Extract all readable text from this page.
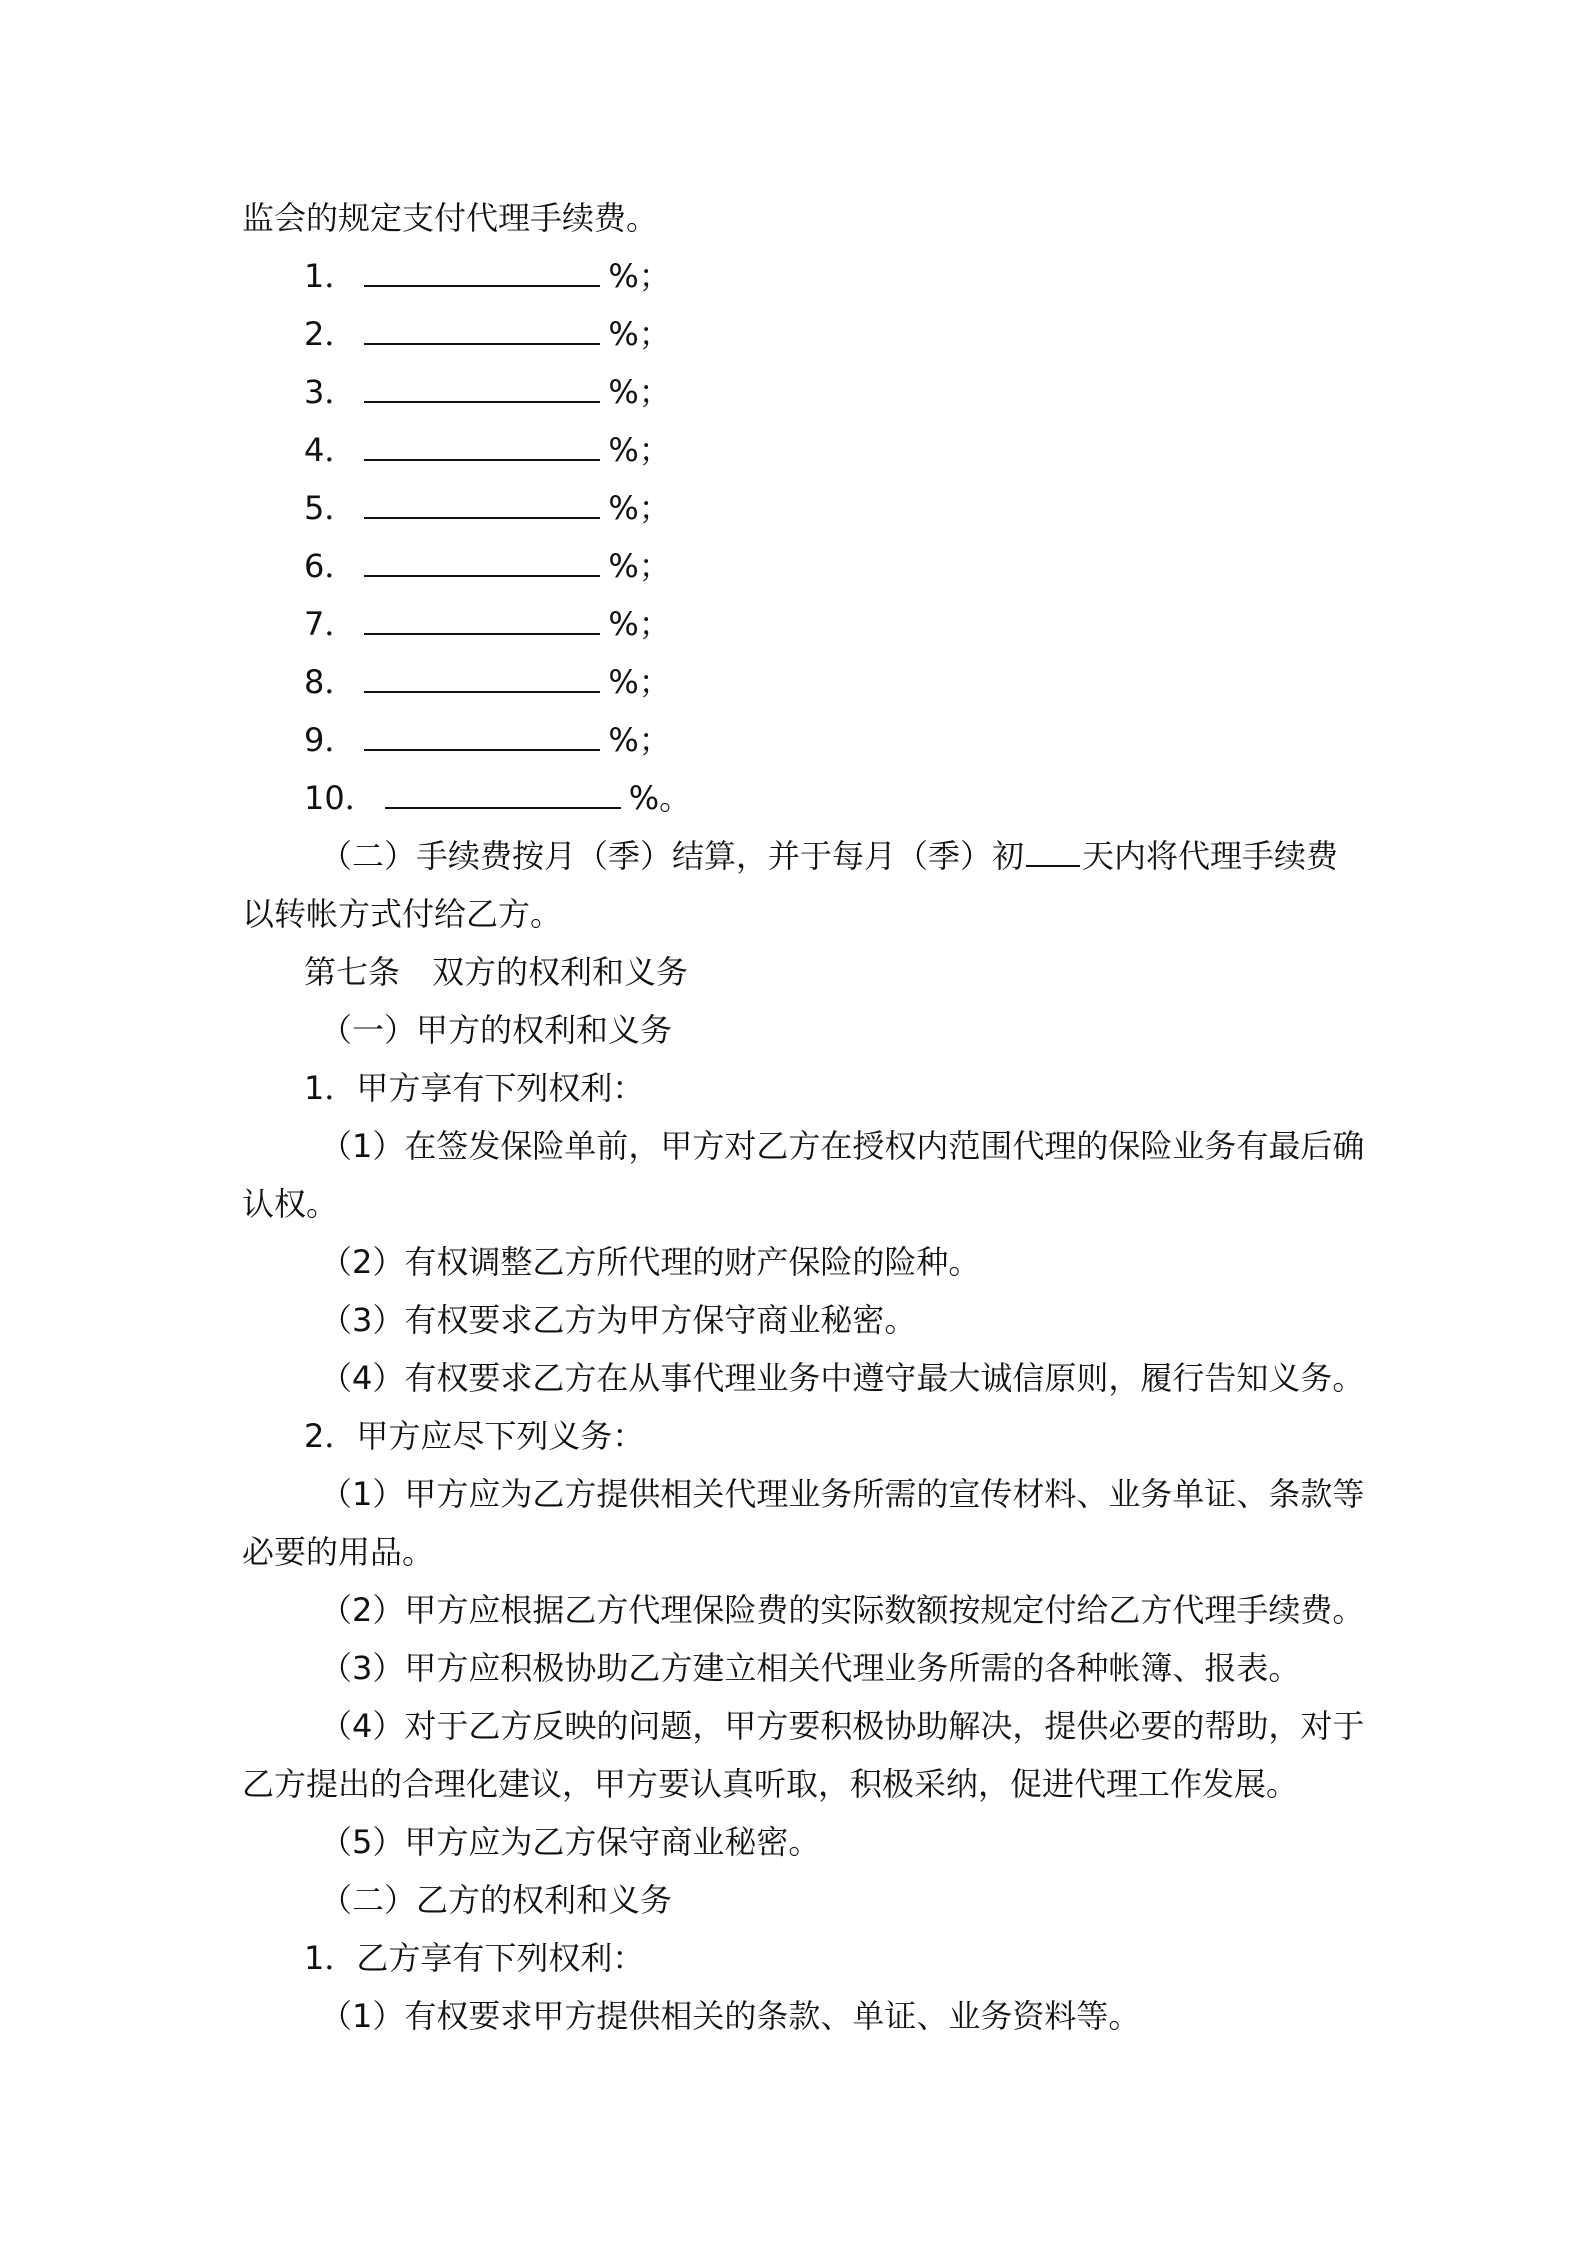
监会的规定支付代理手续费。
1．	%；
2．	%；
3．	%；
4．	%；
5．	%；
6．	%；
7．	%；
8．	%；
9．	%；
10．	%。
（二）手续费按月（季）结算，并于每月（季）初 天内将代理手续费
以转帐方式付给乙方。
第七条　双方的权利和义务
（一）甲方的权利和义务
1．甲方享有下列权利：
（1）在签发保险单前，甲方对乙方在授权内范围代理的保险业务有最后确
认权。
（2）有权调整乙方所代理的财产保险的险种。
（3）有权要求乙方为甲方保守商业秘密。
（4）有权要求乙方在从事代理业务中遵守最大诚信原则，履行告知义务。
2．甲方应尽下列义务：
（1）甲方应为乙方提供相关代理业务所需的宣传材料、业务单证、条款等
必要的用品。
（2）甲方应根据乙方代理保险费的实际数额按规定付给乙方代理手续费。
（3）甲方应积极协助乙方建立相关代理业务所需的各种帐簿、报表。
（4）对于乙方反映的问题，甲方要积极协助解决，提供必要的帮助，对于
乙方提出的合理化建议，甲方要认真听取，积极采纳，促进代理工作发展。
（5）甲方应为乙方保守商业秘密。
（二）乙方的权利和义务
1．乙方享有下列权利：
（1）有权要求甲方提供相关的条款、单证、业务资料等。
